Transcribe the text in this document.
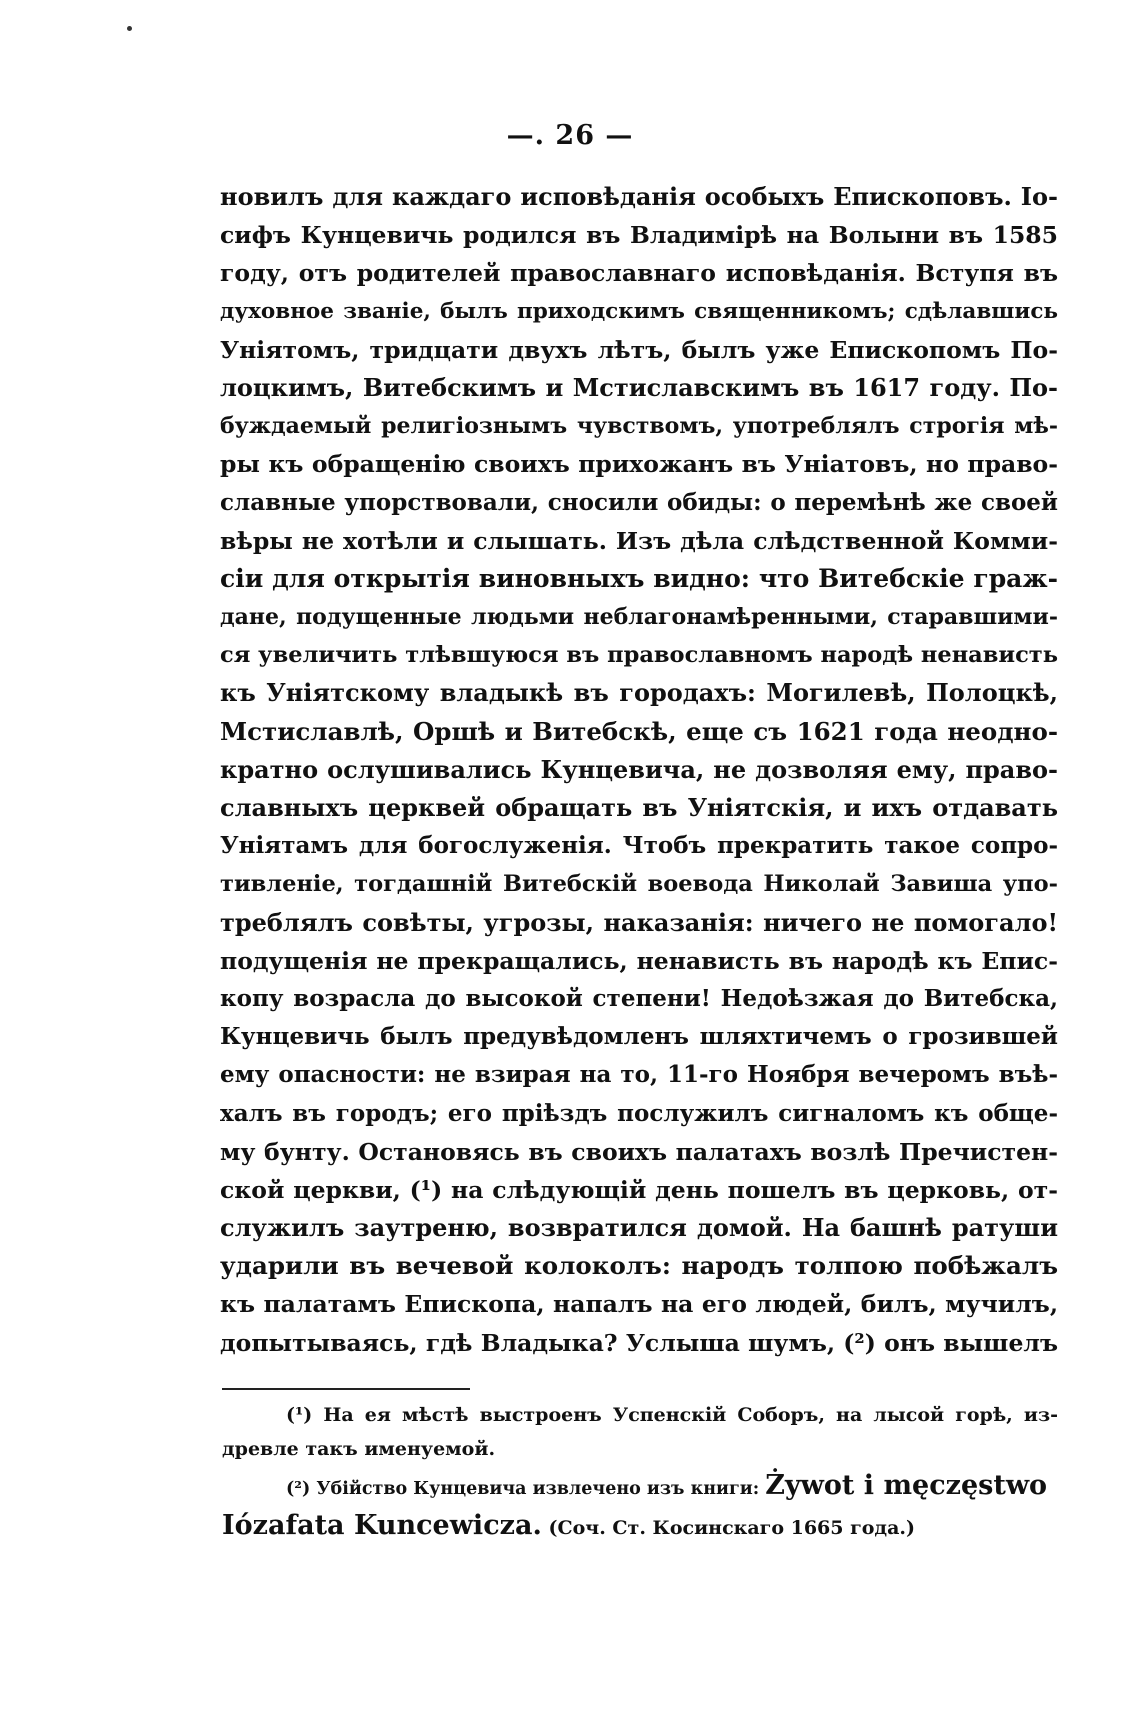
—. 26 —
новилъ для каждаго исповѣданія особыхъ Епископовъ. Іо-
сифъ Кунцевичь родился въ Владимірѣ на Волыни въ 1585
году, отъ родителей православнаго исповѣданія. Вступя въ
духовное званіе, былъ приходскимъ священникомъ; сдѣлавшись
Уніятомъ, тридцати двухъ лѣтъ, былъ уже Епископомъ По-
лоцкимъ, Витебскимъ и Мстиславскимъ въ 1617 году. По-
буждаемый религіознымъ чувствомъ, употреблялъ строгія мѣ-
ры къ обращенію своихъ прихожанъ въ Уніатовъ, но право-
славные упорствовали, сносили обиды: о перемѣнѣ же своей
вѣры не хотѣли и слышать. Изъ дѣла слѣдственной Комми-
сіи для открытія виновныхъ видно: что Витебскіе граж-
дане, подущенные людьми неблагонамѣренными, старавшими-
ся увеличить тлѣвшуюся въ православномъ народѣ ненависть
къ Уніятскому владыкѣ въ городахъ: Могилевѣ, Полоцкѣ,
Мстиславлѣ, Оршѣ и Витебскѣ, еще съ 1621 года неодно-
кратно ослушивались Кунцевича, не дозволяя ему, право-
славныхъ церквей обращать въ Уніятскія, и ихъ отдавать
Уніятамъ для богослуженія. Чтобъ прекратить такое сопро-
тивленіе, тогдашній Витебскій воевода Николай Завиша упо-
треблялъ совѣты, угрозы, наказанія: ничего не помогало!
подущенія не прекращались, ненависть въ народѣ къ Епис-
копу возрасла до высокой степени! Недоѣзжая до Витебска,
Кунцевичь былъ предувѣдомленъ шляхтичемъ о грозившей
ему опасности: не взирая на то, 11-го Ноября вечеромъ въѣ-
халъ въ городъ; его пріѣздъ послужилъ сигналомъ къ обще-
му бунту. Остановясь въ своихъ палатахъ возлѣ Пречистен-
ской церкви, (¹) на слѣдующій день пошелъ въ церковь, от-
служилъ заутреню, возвратился домой. На башнѣ ратуши
ударили въ вечевой колоколъ: народъ толпою побѣжалъ
къ палатамъ Епископа, напалъ на его людей, билъ, мучилъ,
допытываясь, гдѣ Владыка? Услыша шумъ, (²) онъ вышелъ
(¹) На ея мѣстѣ выстроенъ Успенскій Соборъ, на лысой горѣ, из-
древле такъ именуемой.
(²) Убійство Кунцевича извлечено изъ книги: Żywot i męczęstwo
Iózafata Kuncewicza. (Соч. Ст. Косинскаго 1665 года.)
